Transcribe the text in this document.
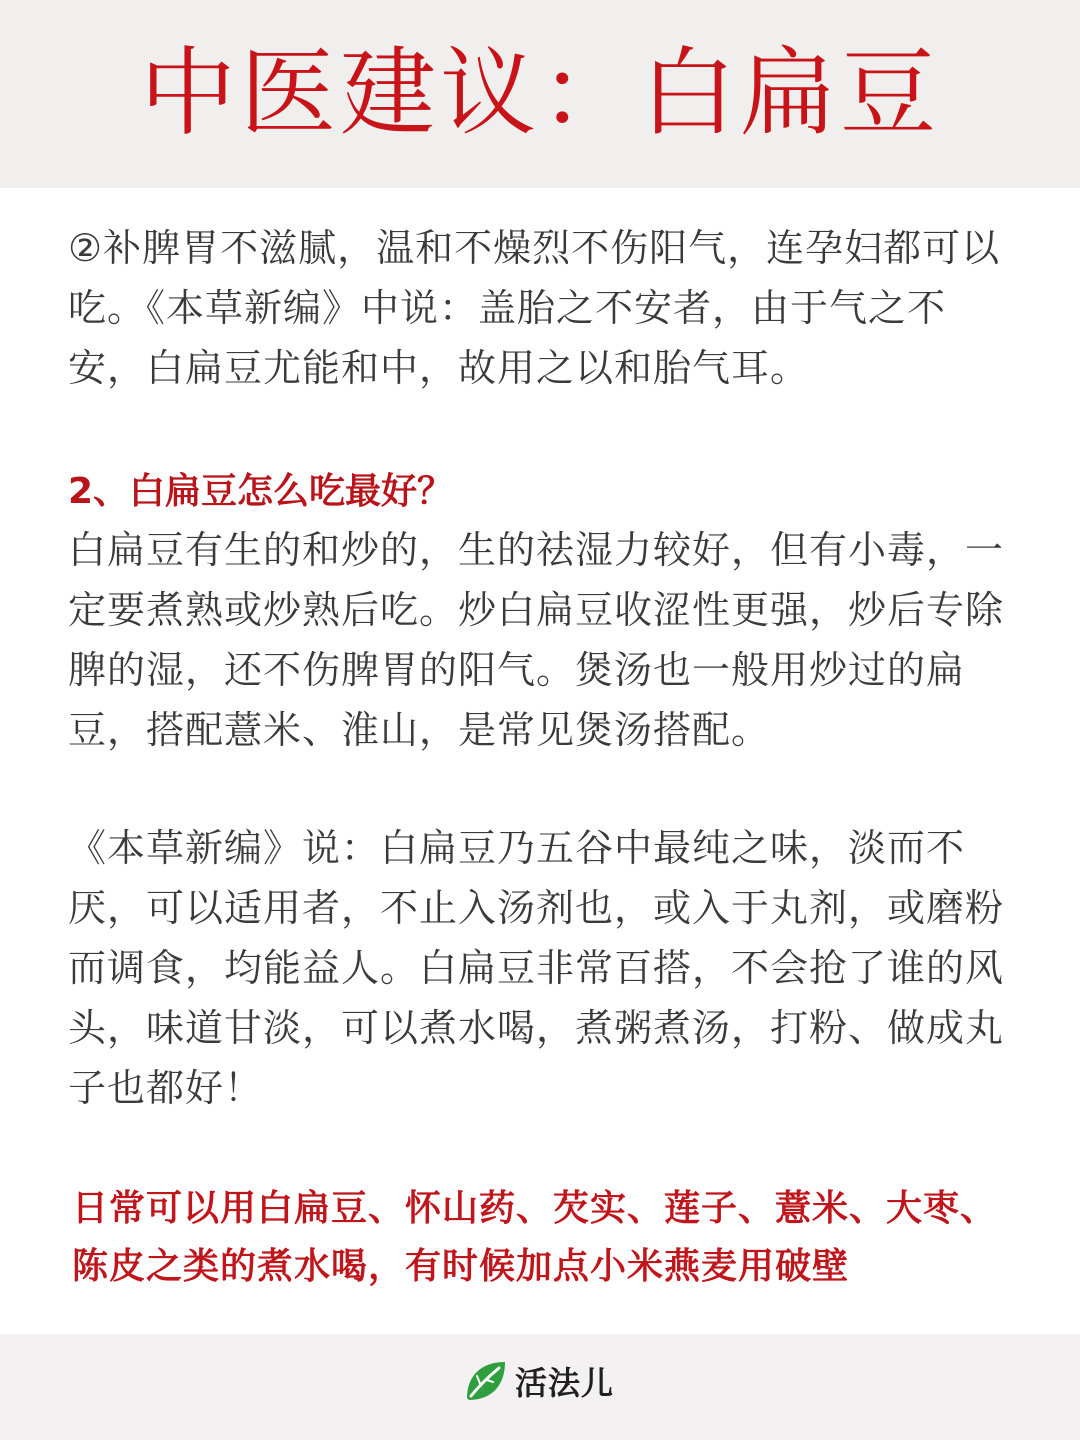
中医建议：白扁豆

②补脾胃不滋腻，温和不燥烈不伤阳气，连孕妇都可以吃。《本草新编》中说：盖胎之不安者，由于气之不安，白扁豆尤能和中，故用之以和胎气耳。

2、白扁豆怎么吃最好？

白扁豆有生的和炒的，生的祛湿力较好，但有小毒，一定要煮熟或炒熟后吃。炒白扁豆收涩性更强，炒后专除脾的湿，还不伤脾胃的阳气。煲汤也一般用炒过的扁豆，搭配薏米、淮山，是常见煲汤搭配。

《本草新编》说：白扁豆乃五谷中最纯之味，淡而不厌，可以适用者，不止入汤剂也，或入于丸剂，或磨粉而调食，均能益人。白扁豆非常百搭，不会抢了谁的风头，味道甘淡，可以煮水喝，煮粥煮汤，打粉、做成丸子也都好！

日常可以用白扁豆、怀山药、芡实、莲子、薏米、大枣、陈皮之类的煮水喝，有时候加点小米燕麦用破壁

活法儿
